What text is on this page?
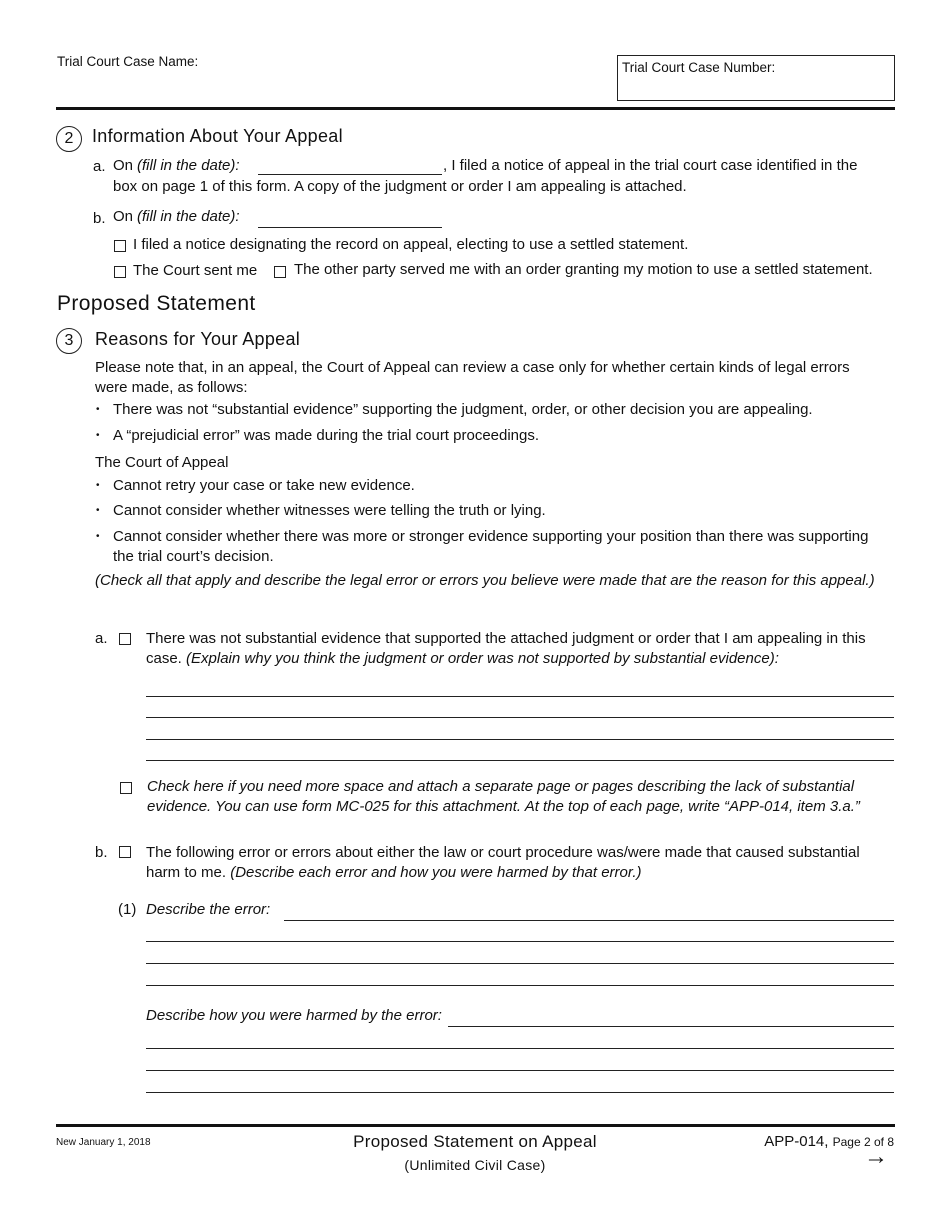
Trial Court Case Name:	Trial Court Case Number:
2	Information About Your Appeal
a. On (fill in the date):	, I filed a notice of appeal in the trial court case identified in the
box on page 1 of this form. A copy of the judgment or order I am appealing is attached.
b. On (fill in the date):
I filed a notice designating the record on appeal, electing to use a settled statement.
The Court sent me The other party served me with an order granting my motion to use a settled statement.
Proposed Statement
3	Reasons for Your Appeal
Please note that, in an appeal, the Court of Appeal can review a case only for whether certain kinds of legal errors were made, as follows:
• There was not “substantial evidence” supporting the judgment, order, or other decision you are appealing.
• A “prejudicial error” was made during the trial court proceedings.
The Court of Appeal
• Cannot retry your case or take new evidence.
• Cannot consider whether witnesses were telling the truth or lying.
• Cannot consider whether there was more or stronger evidence supporting your position than there was supporting the trial court’s decision.
(Check all that apply and describe the legal error or errors you believe were made that are the reason for this appeal.)
a.	There was not substantial evidence that supported the attached judgment or order that I am appealing in this case. (Explain why you think the judgment or order was not supported by substantial evidence):
Check here if you need more space and attach a separate page or pages describing the lack of substantial evidence. You can use form MC-025 for this attachment. At the top of each page, write “APP-014, item 3.a.”
b.	The following error or errors about either the law or court procedure was/were made that caused substantial harm to me. (Describe each error and how you were harmed by that error.)
(1) Describe the error:
Describe how you were harmed by the error:
New January 1, 2018	Proposed Statement on Appeal
(Unlimited Civil Case)
APP-014, Page 2 of 8
→
